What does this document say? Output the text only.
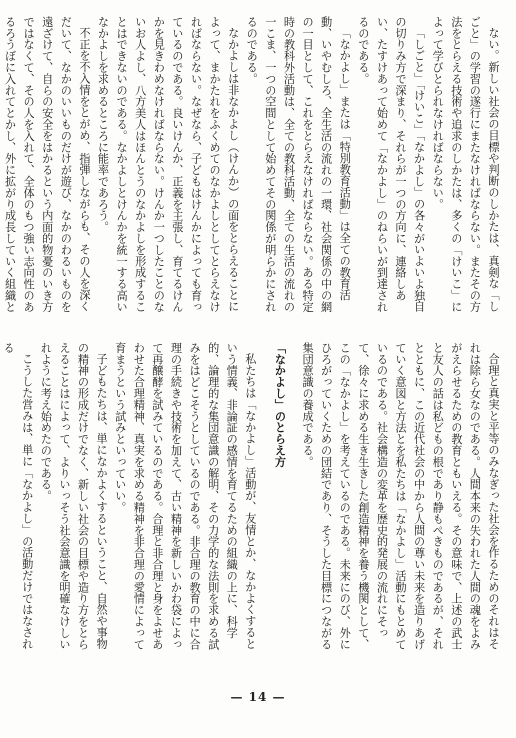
ない。新しい社会の目標や判断のしかたは、真剣な「しごと」の学習の遂行にまたなければならない。またその方法をとらえる技術や追求のしかたは、多くの「けいこ」によって学びとられなければならない。

「しごと」「けいこ」「なかよし」の各々がいよいよ独自の切りみ方で深まり、それらが一つの方向に、連絡しあい、たすけあって始めて「なかよし」のねらいが到達されるのである。

「なかよし」または「特別教育活動」は全ての教育活動、いやむしろ、全生活の流れの一環、社会関係の中の網の一目として、これをとらえなければならない。ある特定時の教科外活動は、全ての教科活動、全ての生活の流れの一こま、一つの空間として始めてその関係が明らかにされるのである。

なかよしは非なかよし（けんか）の面をとらえることによって、まかたれをふくめてのなかよしとしてとらえなければならない。なぜなら、子どもはけんかによっても育っているのである。良いけんか、正義を主張し、育てるけんかを見きわめなければならない。けんか一つしたことのないお人よし、八方美人はほんとうのなかよしを形成することはできないのである。なかよしとけんかを統一する高いなかよしを求めるところに能率であろう。

不正を不入情をとがめ、指弾しながらも、その人を深くだいて、なかのいいものだけが遊び、なかのわるいものを遠ざけて、自らの安全をはかるという内面的物憂のいき方ではなくて、その人を入れて、全体のもつ強い志向性のあるろうぼに入れてとかし、外に拡がり成長していく組織と

合理と真実と平等のみなぎった社会を作るためのそれはそれは除ら女なのである。人間本来の失われた人間の魂をよみがえらせるための教育ともいえる。その意味で、上述の武士と友人の話は私どもの根であり静もぺきものであるが、それとともに、この近代社会の中から人間の尊い未来を造りあげていく意図と方法とを私たちは「なかよし」活動にもとめているのである。社会構造の変革を歴史的発展の流れにそって、徐々に求める生き生きした創造精神を養う機関として、この「なかよし」を考えているのである。未来にのび、外にひろがっていくための団結であり、そうした目標につながる集団意識の養成である。

「なかよし」のとらえ方

私たちは「なかよし」活動が、友情とか、なかよくするという情義、非論証の感情を育てるための組織の上に、科学的、論理的な集団意識の解明、その力学的な法則を求める試みをはどこそうとしているのである。非合理の教育の中に合理の手続きや技術を加えて、古い精神を新しいかわ袋によって再醸酵を試みているのである。合理と非合理と身をよせあわせた合理精神、真実を求める精神を非合理の愛情によって育まうという試みといっていい。

子どもたちは、単になかよくするということ、自然や事物の精神の形成だけでなく、新しい社会の目標や造り方をとらえることはによって、よりいっそう社会意識を明確なけしいれように考え始めたのである。

こうした営みは、単に「なかよし」の活動だけではなされる

— 14 —
